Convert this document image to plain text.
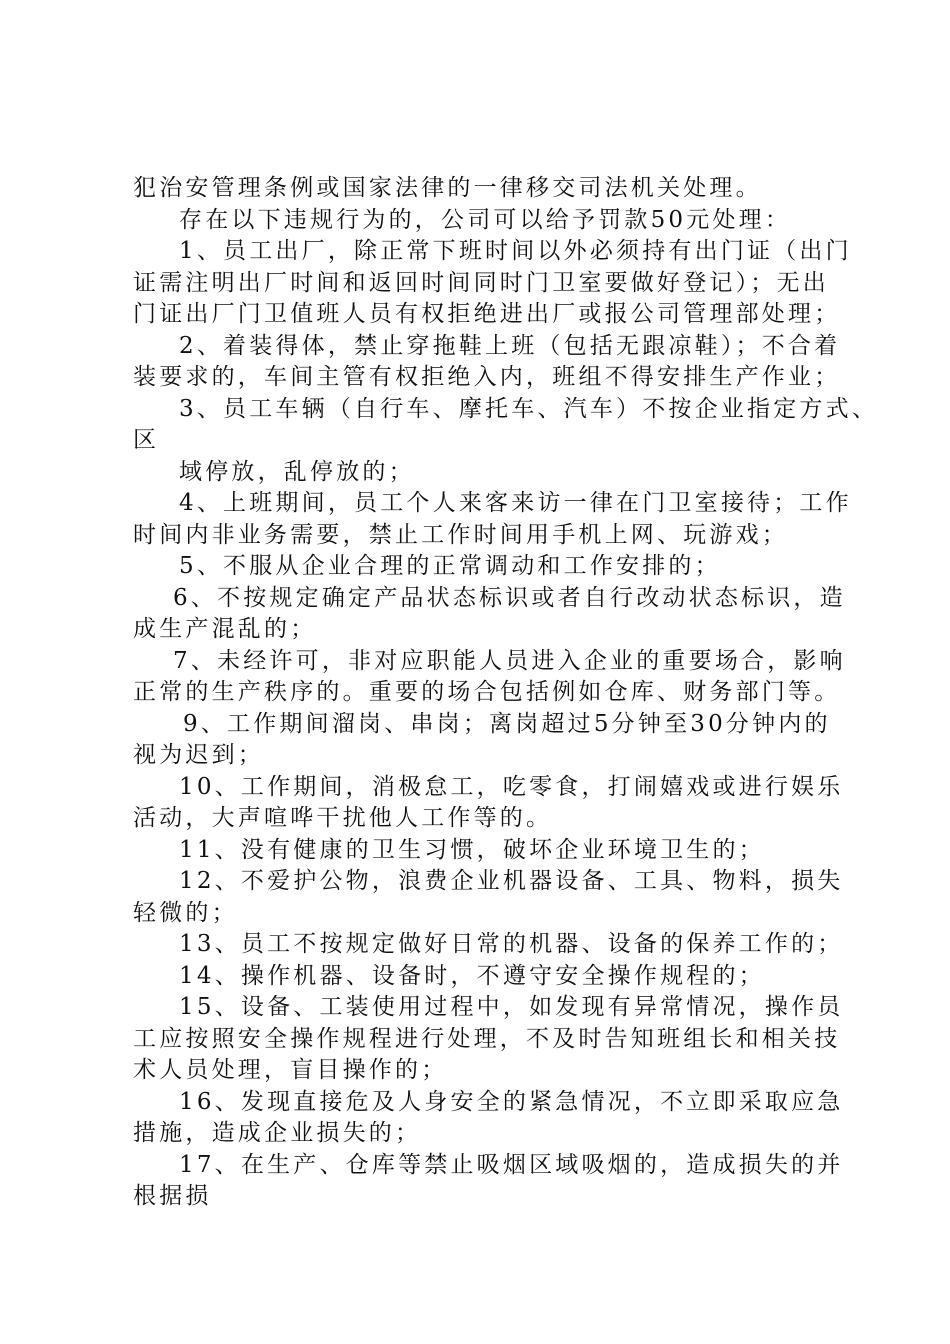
犯治安管理条例或国家法律的一律移交司法机关处理。
存在以下违规行为的，公司可以给予罚款50元处理：
1、员工出厂，除正常下班时间以外必须持有出门证（出门
证需注明出厂时间和返回时间同时门卫室要做好登记）；无出
门证出厂门卫值班人员有权拒绝进出厂或报公司管理部处理；
2、着装得体，禁止穿拖鞋上班（包括无跟凉鞋）；不合着
装要求的，车间主管有权拒绝入内，班组不得安排生产作业；
3、员工车辆（自行车、摩托车、汽车）不按企业指定方式、
区
域停放，乱停放的；
4、上班期间，员工个人来客来访一律在门卫室接待；工作
时间内非业务需要，禁止工作时间用手机上网、玩游戏；
5、不服从企业合理的正常调动和工作安排的；
6、不按规定确定产品状态标识或者自行改动状态标识，造
成生产混乱的；
7、未经许可，非对应职能人员进入企业的重要场合，影响
正常的生产秩序的。重要的场合包括例如仓库、财务部门等。
9、工作期间溜岗、串岗；离岗超过5分钟至30分钟内的
视为迟到；
10、工作期间，消极怠工，吃零食，打闹嬉戏或进行娱乐
活动，大声喧哗干扰他人工作等的。
11、没有健康的卫生习惯，破坏企业环境卫生的；
12、不爱护公物，浪费企业机器设备、工具、物料，损失
轻微的；
13、员工不按规定做好日常的机器、设备的保养工作的；
14、操作机器、设备时，不遵守安全操作规程的；
15、设备、工装使用过程中，如发现有异常情况，操作员
工应按照安全操作规程进行处理，不及时告知班组长和相关技
术人员处理，盲目操作的；
16、发现直接危及人身安全的紧急情况，不立即采取应急
措施，造成企业损失的；
17、在生产、仓库等禁止吸烟区域吸烟的，造成损失的并
根据损
